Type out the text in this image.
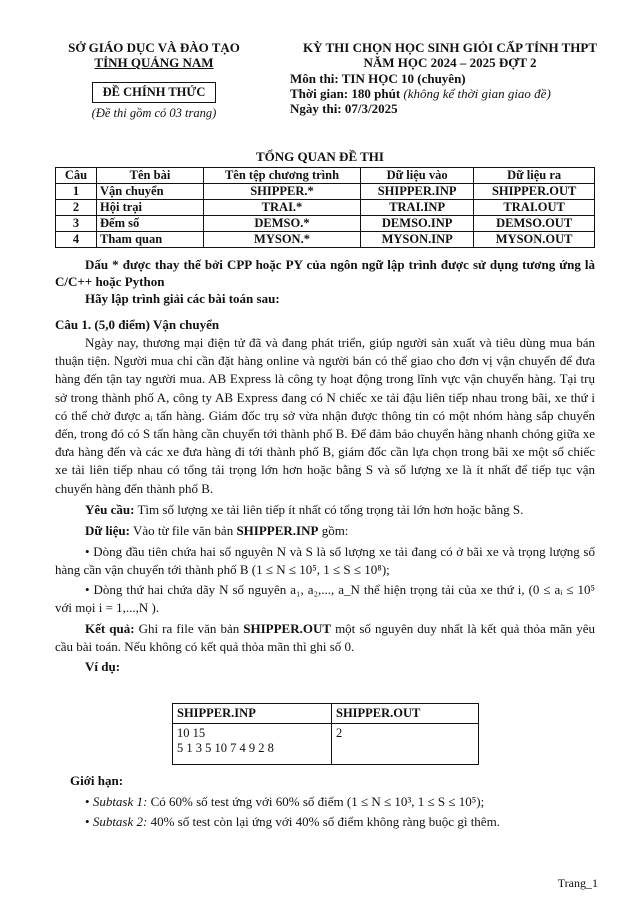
SỞ GIÁO DỤC VÀ ĐÀO TẠO
TỈNH QUẢNG NAM
ĐỀ CHÍNH THỨC
(Đề thi gồm có 03 trang)
KỲ THI CHỌN HỌC SINH GIỎI CẤP TỈNH THPT
NĂM HỌC 2024 – 2025 ĐỢT 2
Môn thi: TIN HỌC 10 (chuyên)
Thời gian: 180 phút (không kể thời gian giao đề)
Ngày thi: 07/3/2025
TỔNG QUAN ĐỀ THI
Câu	Tên bài	Tên tệp chương trình	Dữ liệu vào	Dữ liệu ra
1	Vận chuyển	SHIPPER.*	SHIPPER.INP	SHIPPER.OUT
2	Hội trại	TRAI.*	TRAI.INP	TRAI.OUT
3	Đếm số	DEMSO.*	DEMSO.INP	DEMSO.OUT
4	Tham quan	MYSON.*	MYSON.INP	MYSON.OUT

Dấu * được thay thế bởi CPP hoặc PY của ngôn ngữ lập trình được sử dụng tương ứng là C/C++ hoặc Python

Hãy lập trình giải các bài toán sau:

Câu 1. (5,0 điểm) Vận chuyển

Ngày nay, thương mại điện tử đã và đang phát triển, giúp người sản xuất và tiêu dùng mua bán thuận tiện. Người mua chỉ cần đặt hàng online và người bán có thể giao cho đơn vị vận chuyển để đưa hàng đến tận tay người mua. AB Express là công ty hoạt động trong lĩnh vực vận chuyển hàng. Tại trụ sở trong thành phố A, công ty AB Express đang có N chiếc xe tải đậu liên tiếp nhau trong bãi, xe thứ i có thể chở được aᵢ tấn hàng. Giám đốc trụ sở vừa nhận được thông tin có một nhóm hàng sắp chuyển đến, trong đó có S tấn hàng cần chuyển tới thành phố B. Để đảm bảo chuyển hàng nhanh chóng giữa xe đưa hàng đến và các xe đưa hàng đi tới thành phố B, giám đốc cần lựa chọn trong bãi xe một số chiếc xe tải liên tiếp nhau có tổng tải trọng lớn hơn hoặc bằng S và số lượng xe là ít nhất để tiếp tục vận chuyển hàng đến thành phố B.

Yêu cầu: Tìm số lượng xe tải liên tiếp ít nhất có tổng trọng tải lớn hơn hoặc bằng S.

Dữ liệu: Vào từ file văn bản SHIPPER.INP gồm:

• Dòng đầu tiên chứa hai số nguyên N và S là số lượng xe tải đang có ở bãi xe và trọng lượng số hàng cần vận chuyển tới thành phố B (1 ≤ N ≤ 10⁵, 1 ≤ S ≤ 10⁸);

• Dòng thứ hai chứa dãy N số nguyên a₁, a₂,..., a_N thể hiện trọng tải của xe thứ i, (0 ≤ aᵢ ≤ 10⁵ với mọi i = 1,...,N ).

Kết quả: Ghi ra file văn bản SHIPPER.OUT một số nguyên duy nhất là kết quả thỏa mãn yêu cầu bài toán. Nếu không có kết quả thỏa mãn thì ghi số 0.

Ví dụ:

SHIPPER.INP	SHIPPER.OUT

10 15
5 1 3 5 10 7 4 9 2 8	2

Giới hạn:

• Subtask 1: Có 60% số test ứng với 60% số điểm (1 ≤ N ≤ 10³, 1 ≤ S ≤ 10⁵);

• Subtask 2: 40% số test còn lại ứng với 40% số điểm không ràng buộc gì thêm.

Trang_1
